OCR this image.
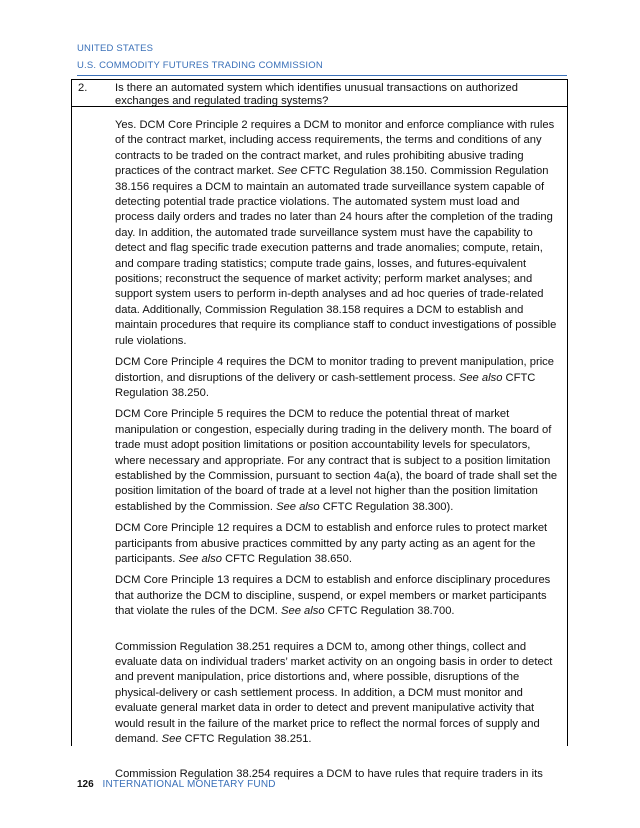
UNITED STATES
U.S. COMMODITY FUTURES TRADING COMMISSION
2. Is there an automated system which identifies unusual transactions on authorized exchanges and regulated trading systems?

Yes. DCM Core Principle 2 requires a DCM to monitor and enforce compliance with rules of the contract market, including access requirements, the terms and conditions of any contracts to be traded on the contract market, and rules prohibiting abusive trading practices of the contract market. See CFTC Regulation 38.150. Commission Regulation 38.156 requires a DCM to maintain an automated trade surveillance system capable of detecting potential trade practice violations. The automated system must load and process daily orders and trades no later than 24 hours after the completion of the trading day. In addition, the automated trade surveillance system must have the capability to detect and flag specific trade execution patterns and trade anomalies; compute, retain, and compare trading statistics; compute trade gains, losses, and futures-equivalent positions; reconstruct the sequence of market activity; perform market analyses; and support system users to perform in-depth analyses and ad hoc queries of trade-related data. Additionally, Commission Regulation 38.158 requires a DCM to establish and maintain procedures that require its compliance staff to conduct investigations of possible rule violations.

DCM Core Principle 4 requires the DCM to monitor trading to prevent manipulation, price distortion, and disruptions of the delivery or cash-settlement process. See also CFTC Regulation 38.250.

DCM Core Principle 5 requires the DCM to reduce the potential threat of market manipulation or congestion, especially during trading in the delivery month. The board of trade must adopt position limitations or position accountability levels for speculators, where necessary and appropriate. For any contract that is subject to a position limitation established by the Commission, pursuant to section 4a(a), the board of trade shall set the position limitation of the board of trade at a level not higher than the position limitation established by the Commission. See also CFTC Regulation 38.300).

DCM Core Principle 12 requires a DCM to establish and enforce rules to protect market participants from abusive practices committed by any party acting as an agent for the participants. See also CFTC Regulation 38.650.

DCM Core Principle 13 requires a DCM to establish and enforce disciplinary procedures that authorize the DCM to discipline, suspend, or expel members or market participants that violate the rules of the DCM. See also CFTC Regulation 38.700.

Commission Regulation 38.251 requires a DCM to, among other things, collect and evaluate data on individual traders’ market activity on an ongoing basis in order to detect and prevent manipulation, price distortions and, where possible, disruptions of the physical-delivery or cash settlement process. In addition, a DCM must monitor and evaluate general market data in order to detect and prevent manipulative activity that would result in the failure of the market price to reflect the normal forces of supply and demand. See CFTC Regulation 38.251.

Commission Regulation 38.254 requires a DCM to have rules that require traders in its

126 INTERNATIONAL MONETARY FUND
